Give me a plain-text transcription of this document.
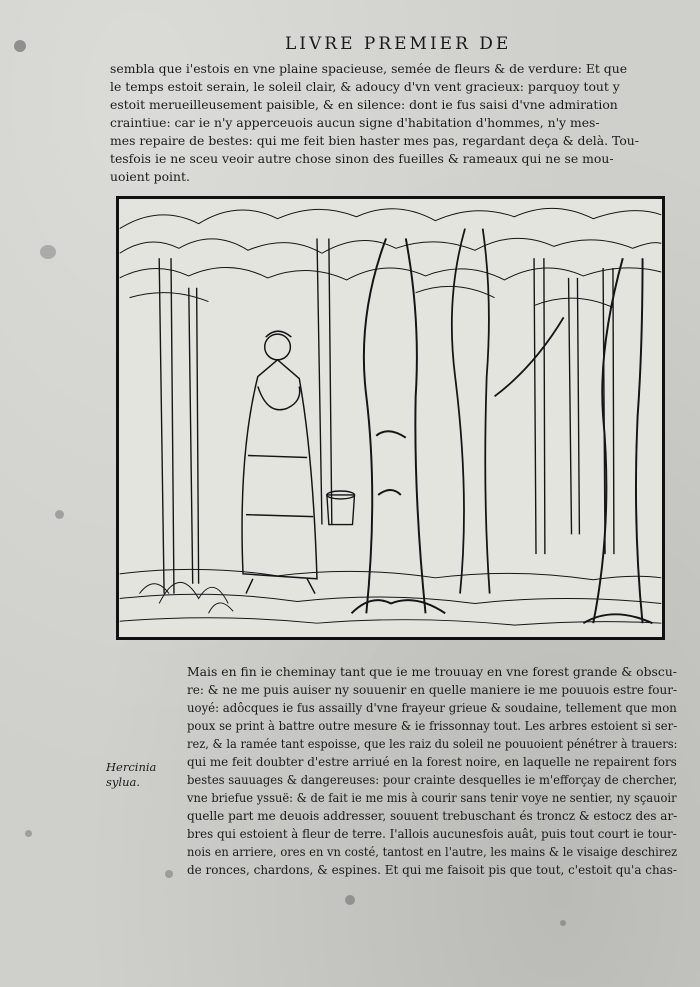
LIVRE PREMIER DE
sembla que i'estois en vne plaine spacieuse, semée de fleurs & de verdure: Et que
le temps estoit serain, le soleil clair, & adoucy d'vn vent gracieux: parquoy tout y
estoit merueilleusement paisible, & en silence: dont ie fus saisi d'vne admiration
craintiue: car ie n'y apperceuois aucun signe d'habitation d'hommes, n'y mes-
mes repaire de bestes: qui me feit bien haster mes pas, regardant deça & delà. Tou-
tesfois ie ne sceu veoir autre chose sinon des fueilles & rameaux qui ne se mou-
uoient point.
Mais en fin ie cheminay tant que ie me trouuay en vne forest grande & obscu-
re: & ne me puis auiser ny souuenir en quelle maniere ie me pouuois estre four-
uoyé: adôcques ie fus assailly d'vne frayeur grieue & soudaine, tellement que mon
poux se print à battre outre mesure & ie frissonnay tout. Les arbres estoient si ser-
rez, & la ramée tant espoisse, que les raiz du soleil ne pouuoient pénétrer à trauers:
qui me feit doubter d'estre arriué en la forest noire, en laquelle ne repairent fors
bestes sauuages & dangereuses: pour crainte desquelles ie m'efforçay de chercher,
vne briefue yssuë: & de fait ie me mis à courir sans tenir voye ne sentier, ny sçauoir
quelle part me deuois addresser, souuent trebuschant és troncz & estocz des ar-
bres qui estoient à fleur de terre. I'allois aucunesfois auât, puis tout court ie tour-
nois en arriere, ores en vn costé, tantost en l'autre, les mains & le visaige deschirez
de ronces, chardons, & espines. Et qui me faisoit pis que tout, c'estoit qu'a chas-
Hercinia
sylua.
